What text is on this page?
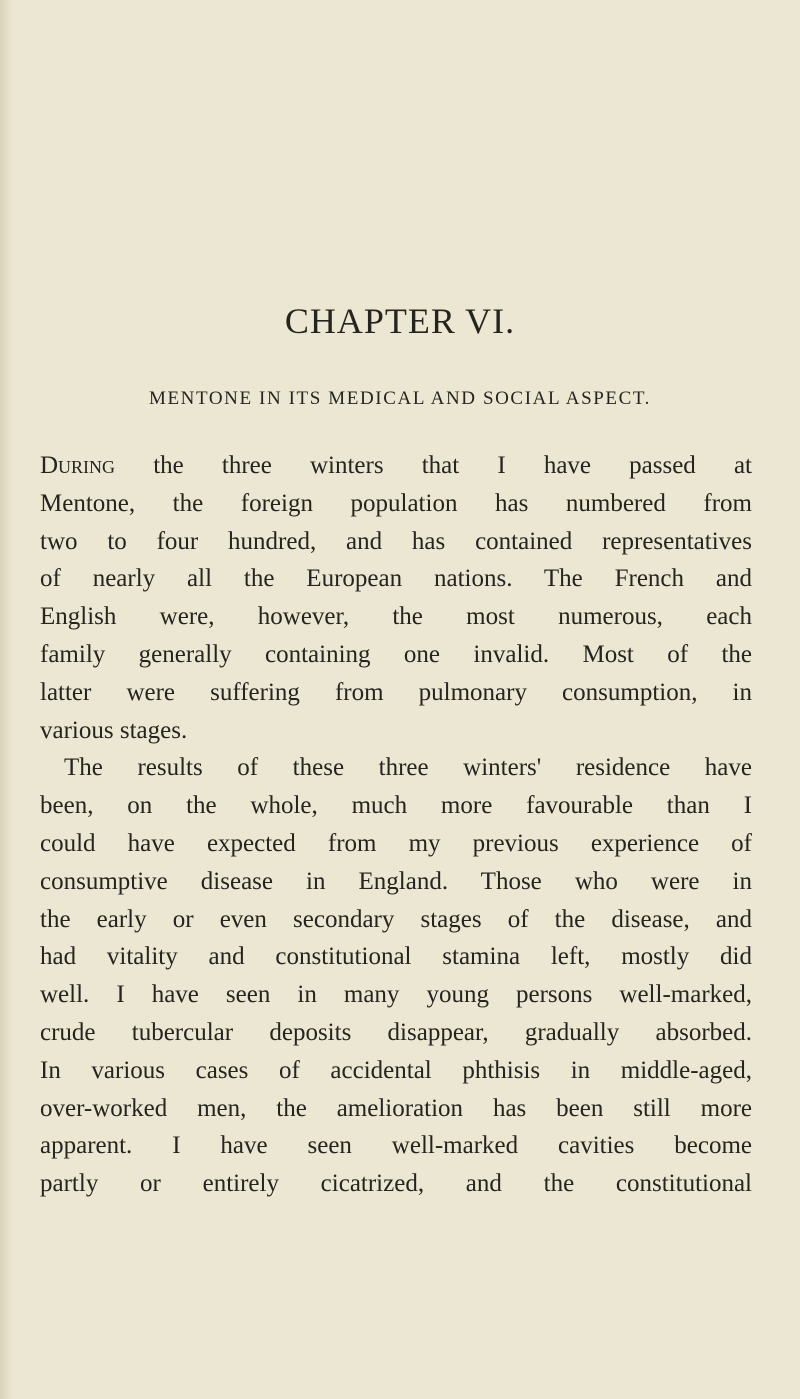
CHAPTER VI.
MENTONE IN ITS MEDICAL AND SOCIAL ASPECT.
During the three winters that I have passed at
Mentone, the foreign population has numbered from
two to four hundred, and has contained representatives
of nearly all the European nations. The French and
English were, however, the most numerous, each
family generally containing one invalid. Most of the
latter were suffering from pulmonary consumption, in
various stages.
The results of these three winters' residence have
been, on the whole, much more favourable than I
could have expected from my previous experience of
consumptive disease in England. Those who were in
the early or even secondary stages of the disease, and
had vitality and constitutional stamina left, mostly did
well. I have seen in many young persons well-marked,
crude tubercular deposits disappear, gradually absorbed.
In various cases of accidental phthisis in middle-aged,
over-worked men, the amelioration has been still more
apparent. I have seen well-marked cavities become
partly or entirely cicatrized, and the constitutional
